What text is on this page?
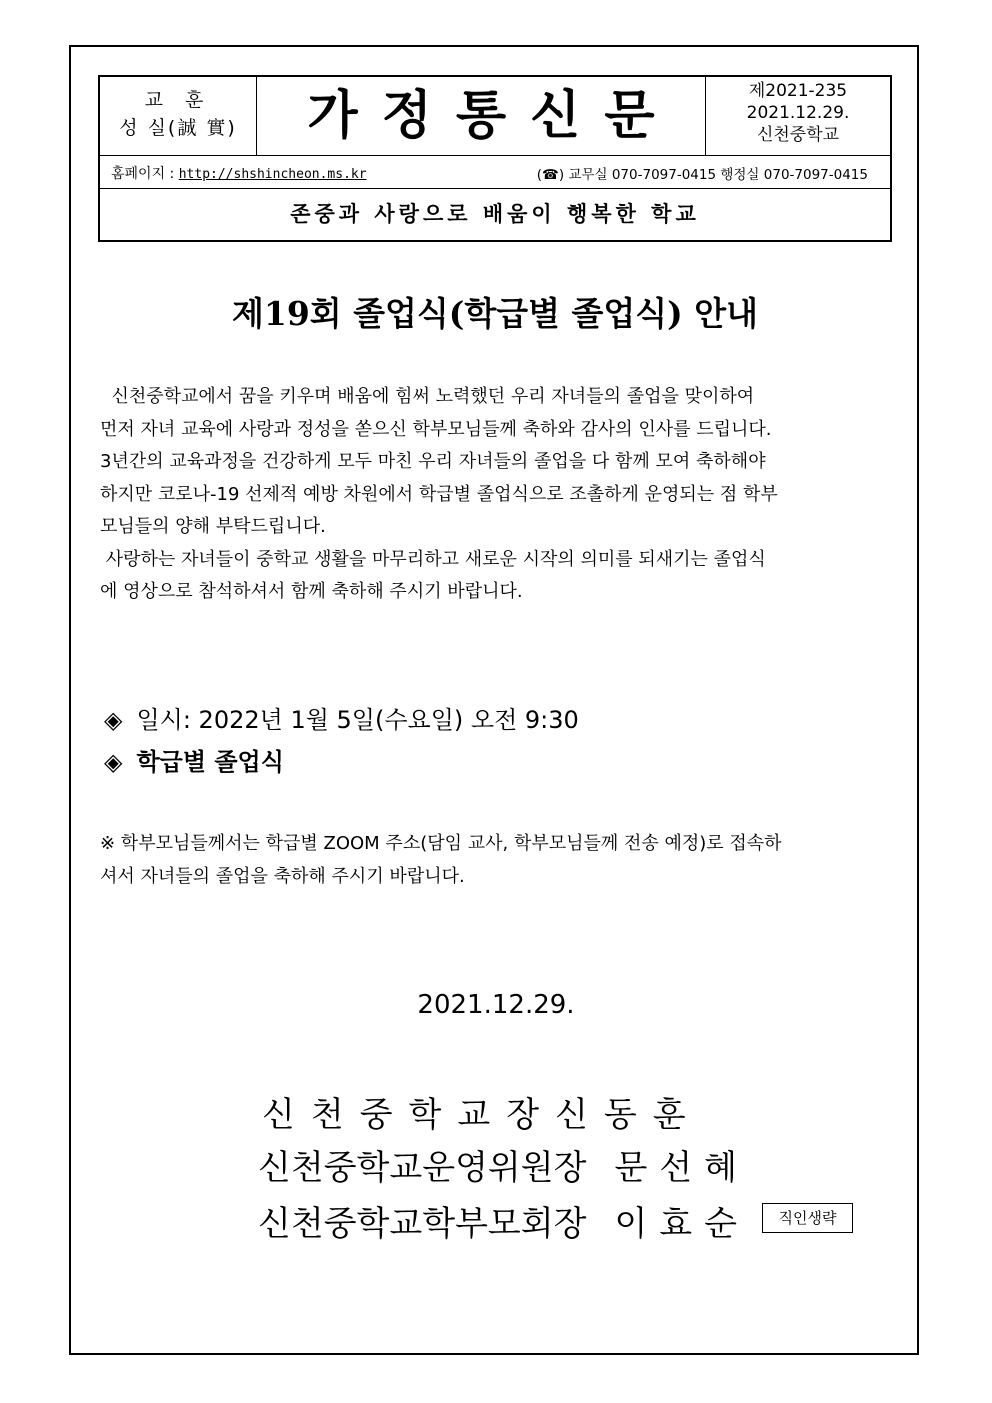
교 훈
성 실(誠 實)	가정통신문	제2021-235
2021.12.29.
신천중학교
홈페이지 : http://shshincheon.ms.kr	(☎) 교무실 070-7097-0415 행정실 070-7097-0415
존중과 사랑으로 배움이 행복한 학교
제19회 졸업식(학급별 졸업식) 안내

신천중학교에서 꿈을 키우며 배움에 힘써 노력했던 우리 자녀들의 졸업을 맞이하여

먼저 자녀 교육에 사랑과 정성을 쏟으신 학부모님들께 축하와 감사의 인사를 드립니다.

3년간의 교육과정을 건강하게 모두 마친 우리 자녀들의 졸업을 다 함께 모여 축하해야

하지만 코로나-19 선제적 예방 차원에서 학급별 졸업식으로 조촐하게 운영되는 점 학부

모님들의 양해 부탁드립니다.

사랑하는 자녀들이 중학교 생활을 마무리하고 새로운 시작의 의미를 되새기는 졸업식

에 영상으로 참석하셔서 함께 축하해 주시기 바랍니다.

◈ 일시: 2022년 1월 5일(수요일) 오전 9:30
◈ 학급별 졸업식

※ 학부모님들께서는 학급별 ZOOM 주소(담임 교사, 학부모님들께 전송 예정)로 접속하

셔서 자녀들의 졸업을 축하해 주시기 바랍니다.

2021.12.29.
신천중학교장신동훈
신천중학교운영위원장 문선혜
신천중학교학부모회장 이효순	직인생략
